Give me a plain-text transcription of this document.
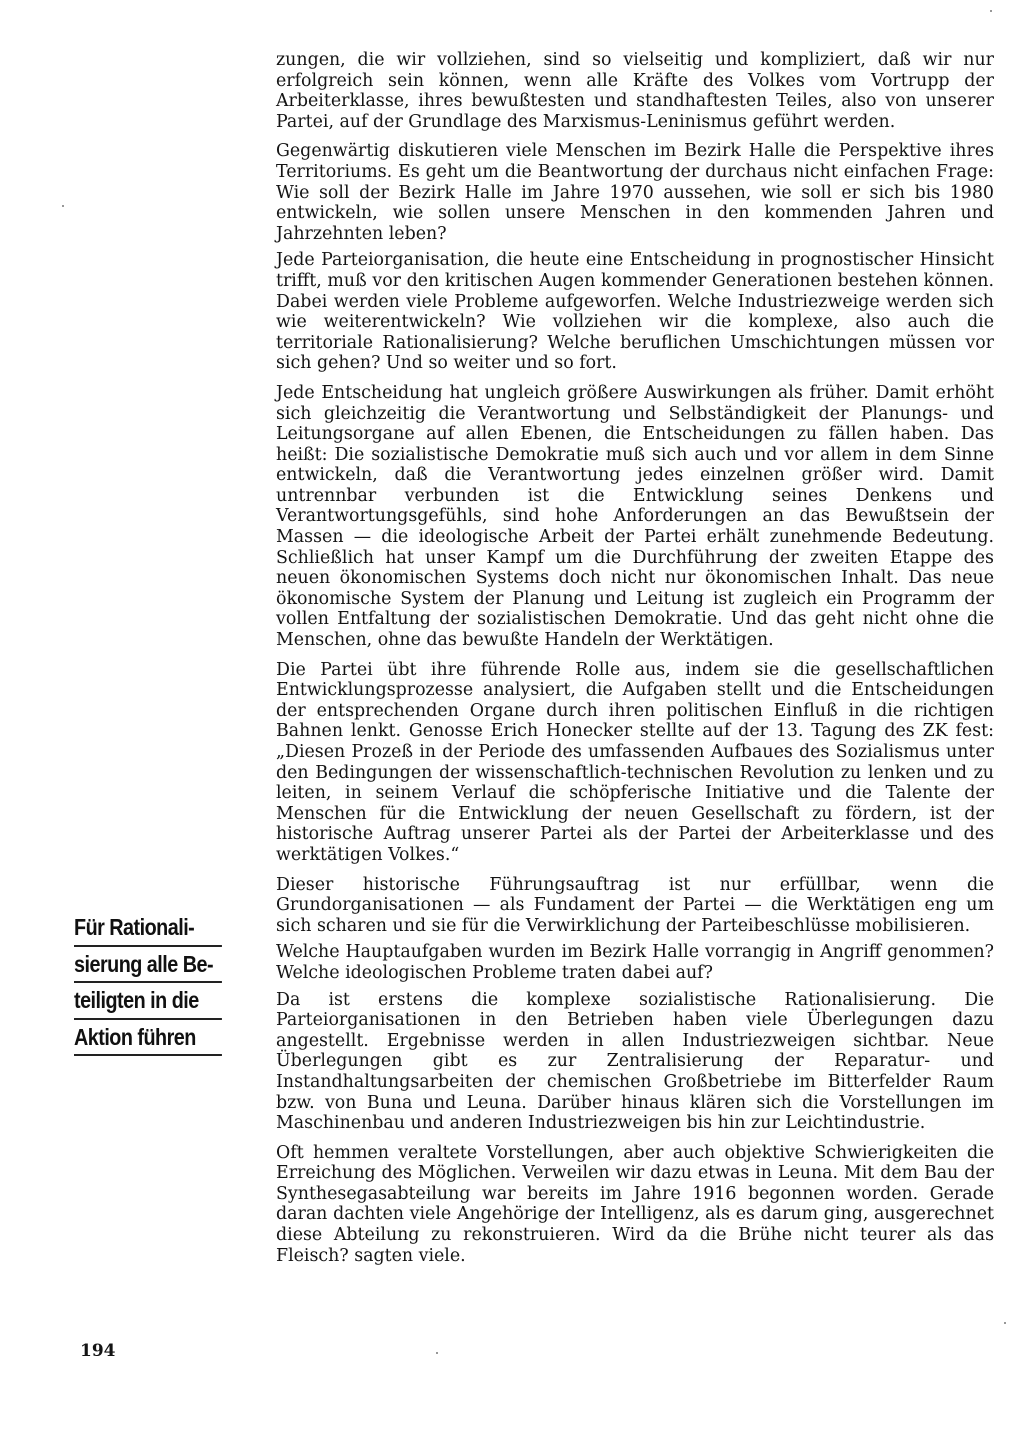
zungen, die wir vollziehen, sind so vielseitig und kompliziert, daß wir nur erfolgreich sein können, wenn alle Kräfte des Volkes vom Vortrupp der Arbeiterklasse, ihres bewußtesten und standhaftesten Teiles, also von unserer Partei, auf der Grundlage des Marxismus-Leninismus geführt werden.

Gegenwärtig diskutieren viele Menschen im Bezirk Halle die Perspektive ihres Territoriums. Es geht um die Beantwortung der durchaus nicht einfachen Frage: Wie soll der Bezirk Halle im Jahre 1970 aussehen, wie soll er sich bis 1980 entwickeln, wie sollen unsere Menschen in den kommenden Jahren und Jahrzehnten leben?

Jede Parteiorganisation, die heute eine Entscheidung in prognostischer Hinsicht trifft, muß vor den kritischen Augen kommender Generationen bestehen können. Dabei werden viele Probleme aufgeworfen. Welche Industriezweige werden sich wie weiterentwickeln? Wie vollziehen wir die komplexe, also auch die territoriale Rationalisierung? Welche beruflichen Umschichtungen müssen vor sich gehen? Und so weiter und so fort.

Jede Entscheidung hat ungleich größere Auswirkungen als früher. Damit erhöht sich gleichzeitig die Verantwortung und Selbständigkeit der Planungs- und Leitungsorgane auf allen Ebenen, die Entscheidungen zu fällen haben. Das heißt: Die sozialistische Demokratie muß sich auch und vor allem in dem Sinne entwickeln, daß die Verantwortung jedes einzelnen größer wird. Damit untrennbar verbunden ist die Entwicklung seines Denkens und Verantwortungsgefühls, sind hohe Anforderungen an das Bewußtsein der Massen — die ideologische Arbeit der Partei erhält zunehmende Bedeutung. Schließlich hat unser Kampf um die Durchführung der zweiten Etappe des neuen ökonomischen Systems doch nicht nur ökonomischen Inhalt. Das neue ökonomische System der Planung und Leitung ist zugleich ein Programm der vollen Entfaltung der sozialistischen Demokratie. Und das geht nicht ohne die Menschen, ohne das bewußte Handeln der Werktätigen.

Die Partei übt ihre führende Rolle aus, indem sie die gesellschaftlichen Entwicklungsprozesse analysiert, die Aufgaben stellt und die Entscheidungen der entsprechenden Organe durch ihren politischen Einfluß in die richtigen Bahnen lenkt. Genosse Erich Honecker stellte auf der 13. Tagung des ZK fest: „Diesen Prozeß in der Periode des umfassenden Aufbaues des Sozialismus unter den Bedingungen der wissenschaftlich-technischen Revolution zu lenken und zu leiten, in seinem Verlauf die schöpferische Initiative und die Talente der Menschen für die Entwicklung der neuen Gesellschaft zu fördern, ist der historische Auftrag unserer Partei als der Partei der Arbeiterklasse und des werktätigen Volkes.“

Dieser historische Führungsauftrag ist nur erfüllbar, wenn die Grundorganisationen — als Fundament der Partei — die Werktätigen eng um sich scharen und sie für die Verwirklichung der Parteibeschlüsse mobilisieren.

Welche Hauptaufgaben wurden im Bezirk Halle vorrangig in Angriff genommen? Welche ideologischen Probleme traten dabei auf?

Da ist erstens die komplexe sozialistische Rationalisierung. Die Parteiorganisationen in den Betrieben haben viele Überlegungen dazu angestellt. Ergebnisse werden in allen Industriezweigen sichtbar. Neue Überlegungen gibt es zur Zentralisierung der Reparatur- und Instandhaltungsarbeiten der chemischen Großbetriebe im Bitterfelder Raum bzw. von Buna und Leuna. Darüber hinaus klären sich die Vorstellungen im Maschinenbau und anderen Industriezweigen bis hin zur Leichtindustrie.

Oft hemmen veraltete Vorstellungen, aber auch objektive Schwierigkeiten die Erreichung des Möglichen. Verweilen wir dazu etwas in Leuna. Mit dem Bau der Synthesegasabteilung war bereits im Jahre 1916 begonnen worden. Gerade daran dachten viele Angehörige der Intelligenz, als es darum ging, ausgerechnet diese Abteilung zu rekonstruieren. Wird da die Brühe nicht teurer als das Fleisch? sagten viele.

Für Rationali-
sierung alle Be-
teiligten in die
Aktion führen
194
